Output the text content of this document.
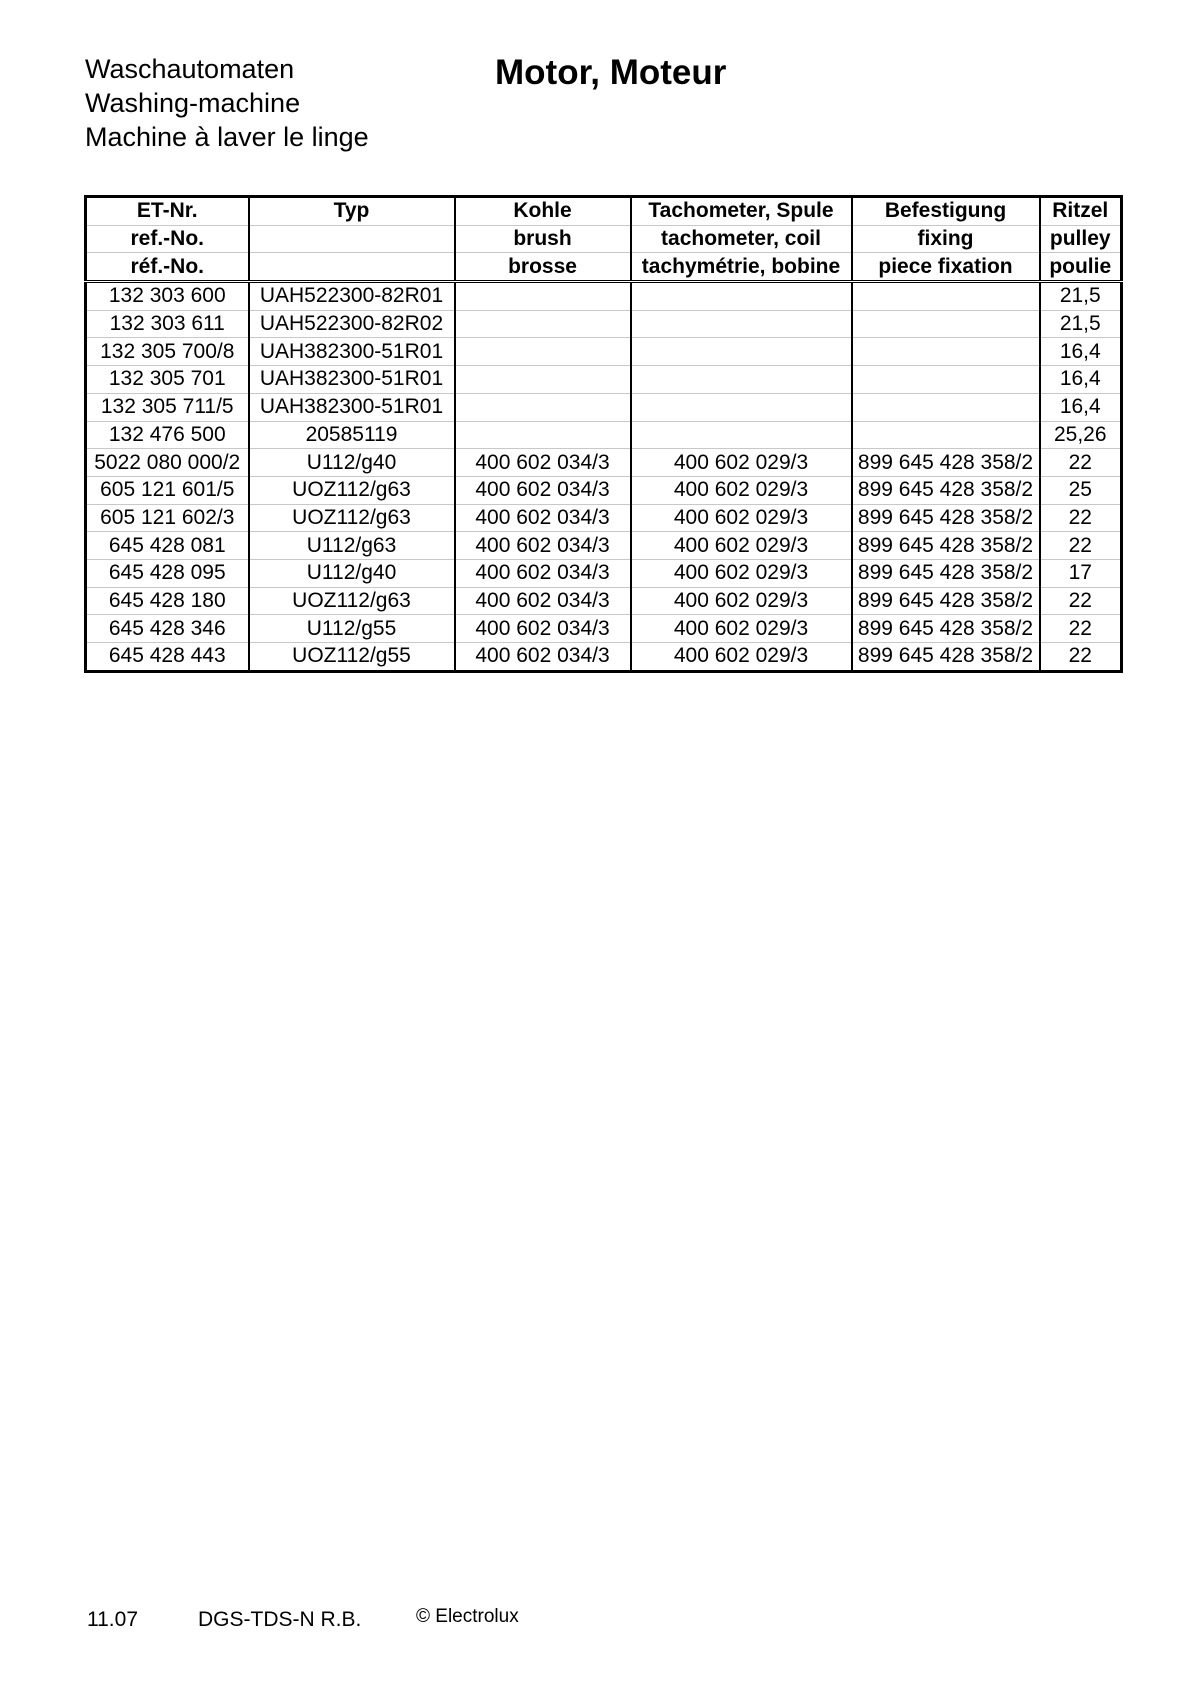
Waschautomaten
Washing-machine
Machine à laver le linge
Motor, Moteur
ET-Nr.	Typ	Kohle	Tachometer, Spule	Befestigung	Ritzel
ref.-No.		brush	tachometer, coil	fixing	pulley
réf.-No.		brosse	tachymétrie, bobine	piece fixation	poulie
132 303 600	UAH522300-82R01				21,5
132 303 611	UAH522300-82R02				21,5
132 305 700/8	UAH382300-51R01				16,4
132 305 701	UAH382300-51R01				16,4
132 305 711/5	UAH382300-51R01				16,4
132 476 500	20585119				25,26
5022 080 000/2	U112/g40	400 602 034/3	400 602 029/3	899 645 428 358/2	22
605 121 601/5	UOZ112/g63	400 602 034/3	400 602 029/3	899 645 428 358/2	25
605 121 602/3	UOZ112/g63	400 602 034/3	400 602 029/3	899 645 428 358/2	22
645 428 081	U112/g63	400 602 034/3	400 602 029/3	899 645 428 358/2	22
645 428 095	U112/g40	400 602 034/3	400 602 029/3	899 645 428 358/2	17
645 428 180	UOZ112/g63	400 602 034/3	400 602 029/3	899 645 428 358/2	22
645 428 346	U112/g55	400 602 034/3	400 602 029/3	899 645 428 358/2	22
645 428 443	UOZ112/g55	400 602 034/3	400 602 029/3	899 645 428 358/2	22
11.07	DGS-TDS-N R.B.	© Electrolux
